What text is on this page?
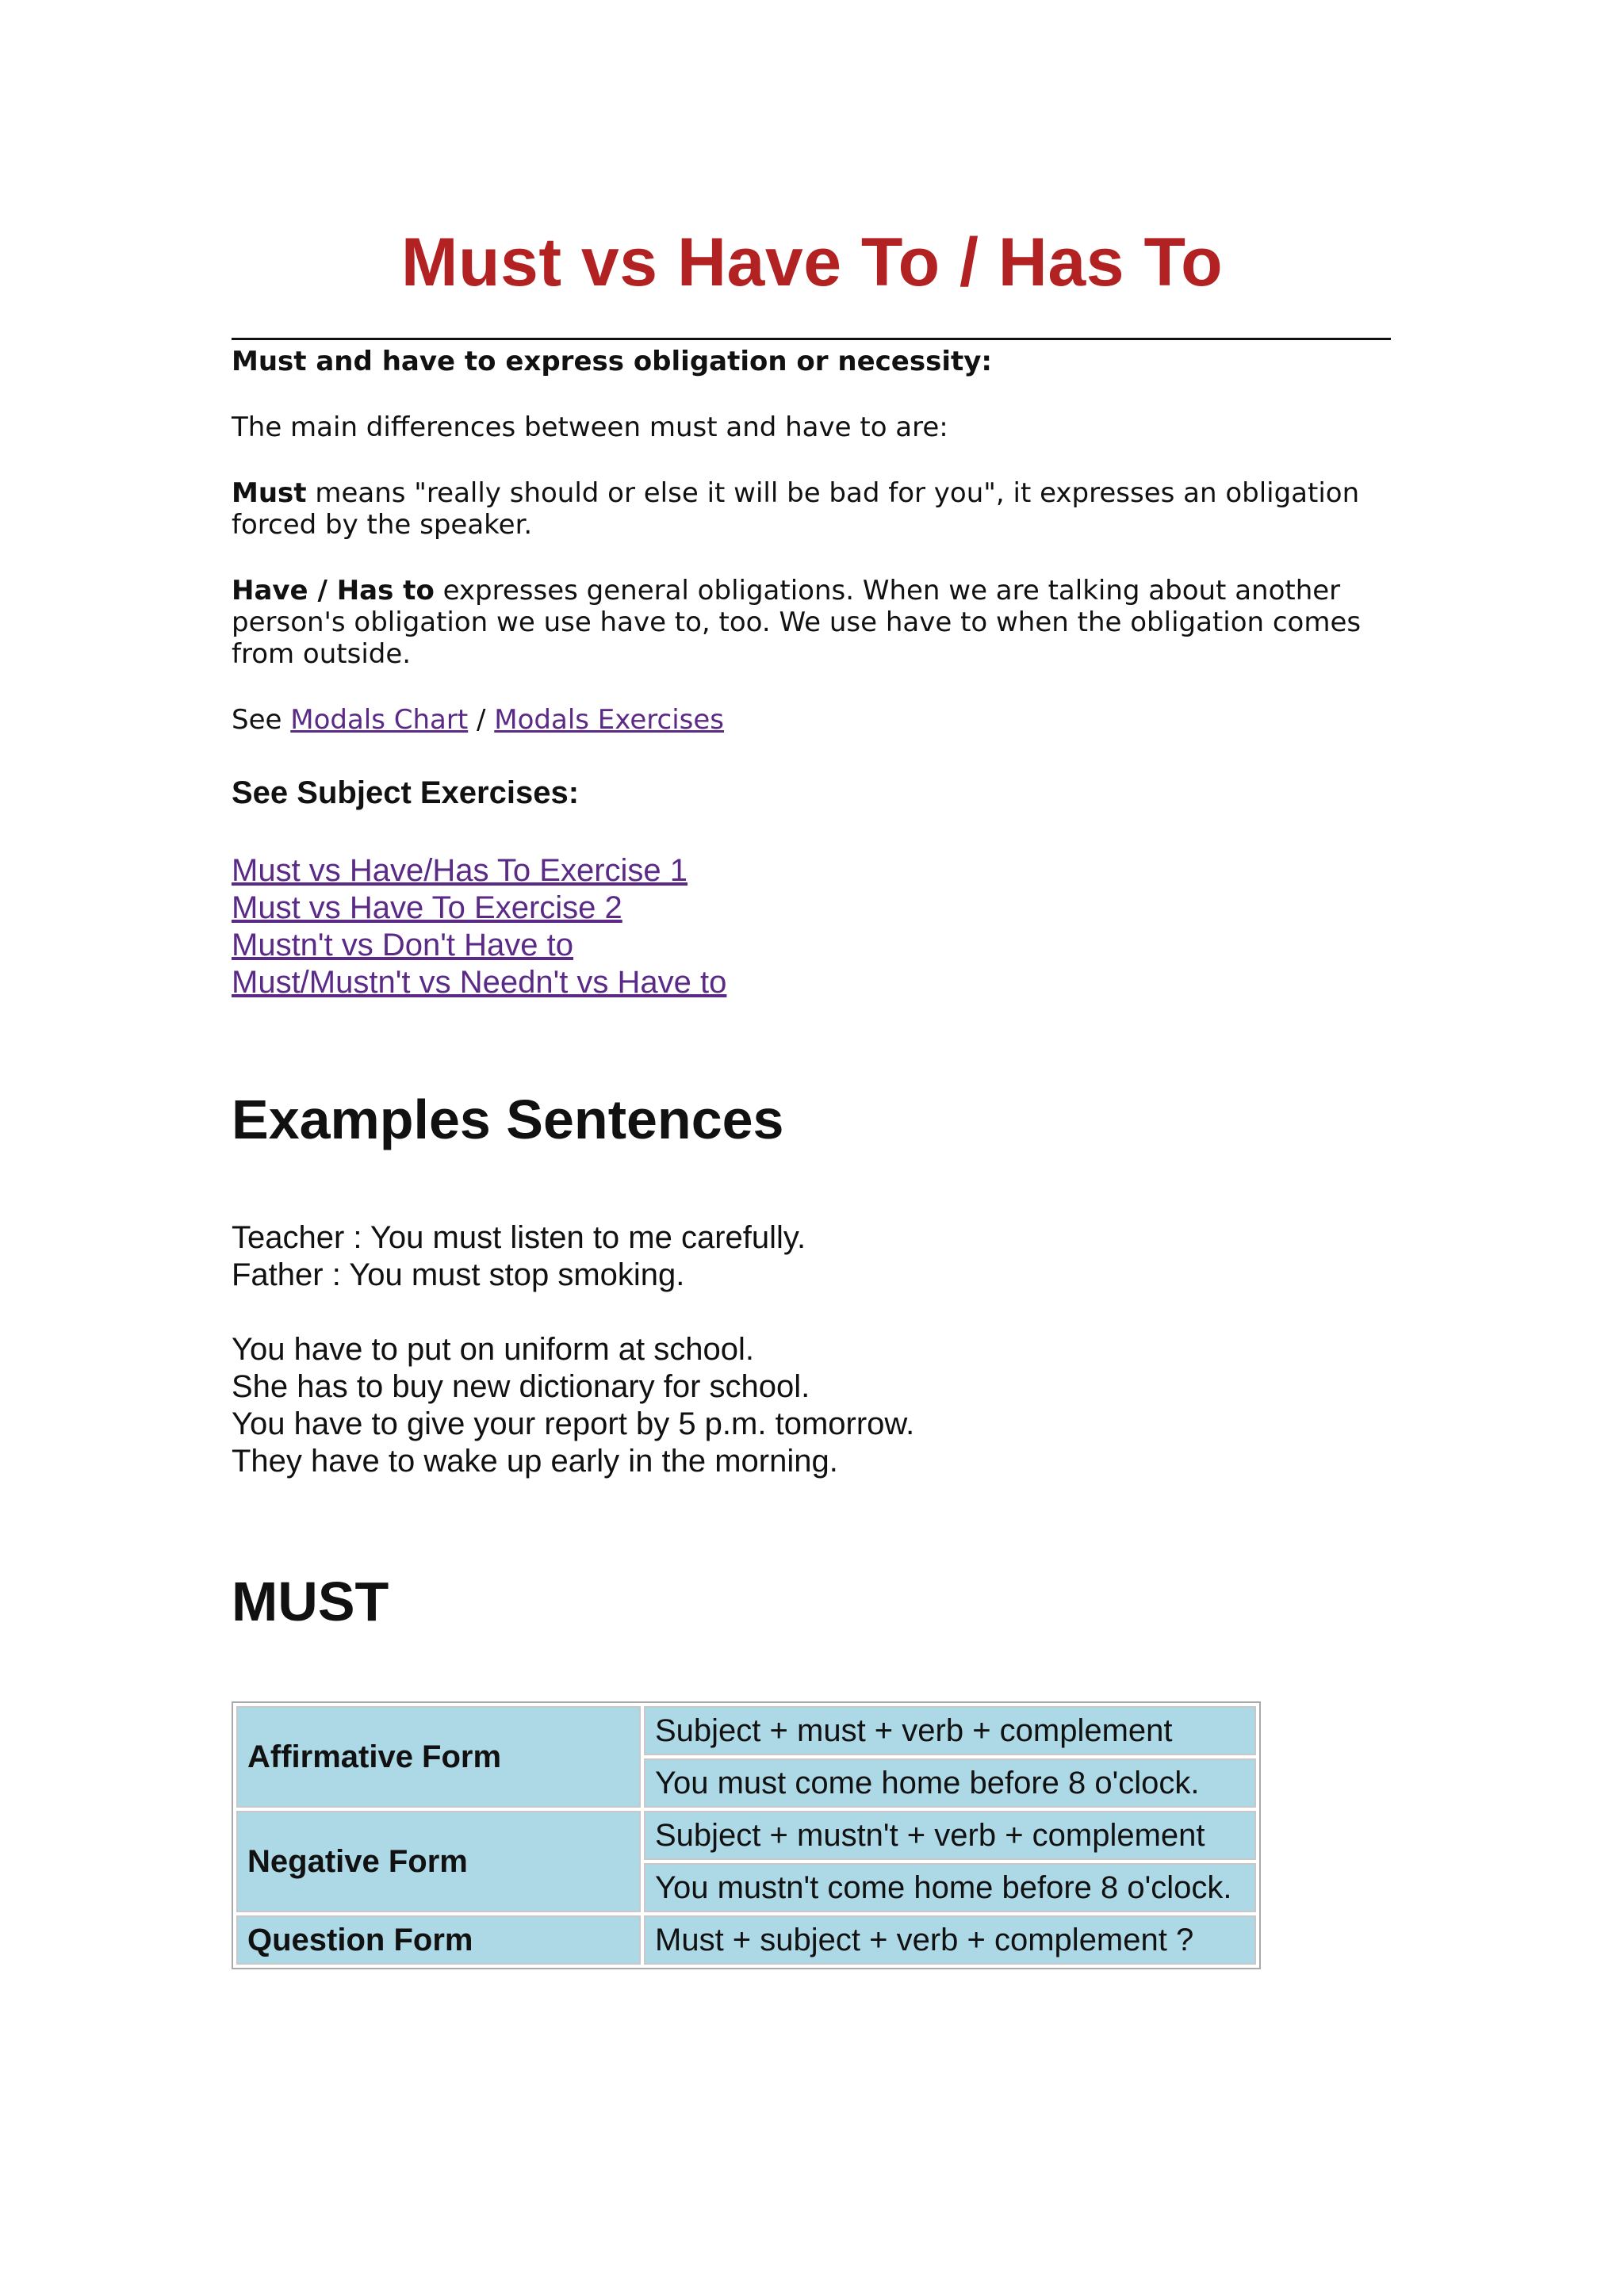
Must vs Have To / Has To

Must and have to express obligation or necessity:

The main differences between must and have to are:

Must means "really should or else it will be bad for you", it expresses an obligation forced by the speaker.

Have / Has to expresses general obligations. When we are talking about another person's obligation we use have to, too. We use have to when the obligation comes from outside.

See Modals Chart / Modals Exercises

See Subject Exercises:
Must vs Have/Has To Exercise 1
Must vs Have To Exercise 2
Mustn't vs Don't Have to
Must/Mustn't vs Needn't vs Have to
Examples Sentences

Teacher : You must listen to me carefully.

Father : You must stop smoking.

You have to put on uniform at school.

She has to buy new dictionary for school.

You have to give your report by 5 p.m. tomorrow.

They have to wake up early in the morning.

MUST
Affirmative Form	Subject + must + verb + complement
	You must come home before 8 o'clock.
Negative Form	Subject + mustn't + verb + complement
	You mustn't come home before 8 o'clock.
Question Form	Must + subject + verb + complement ?
